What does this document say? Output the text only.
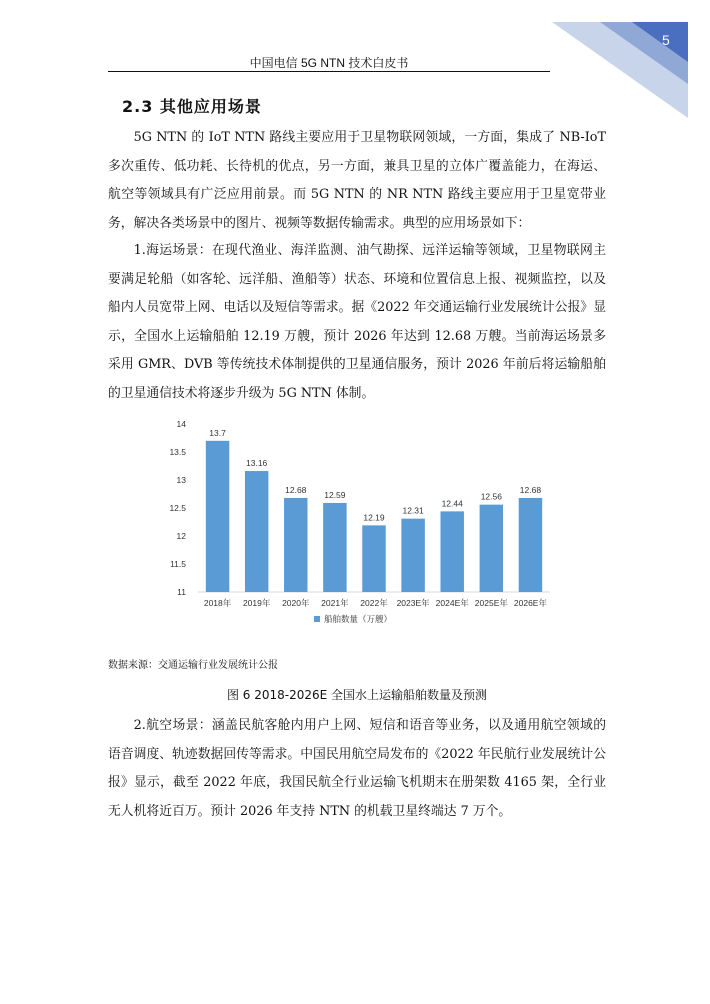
5
中国电信 5G NTN 技术白皮书
2.3 其他应用场景

5G NTN 的 IoT NTN 路线主要应用于卫星物联网领域，一方面，集成了 NB-IoT 多次重传、低功耗、长待机的优点，另一方面，兼具卫星的立体广覆盖能力，在海运、航空等领域具有广泛应用前景。而 5G NTN 的 NR NTN 路线主要应用于卫星宽带业务，解决各类场景中的图片、视频等数据传输需求。典型的应用场景如下：

1.海运场景：在现代渔业、海洋监测、油气勘探、远洋运输等领域，卫星物联网主要满足轮船（如客轮、远洋船、渔船等）状态、环境和位置信息上报、视频监控，以及船内人员宽带上网、电话以及短信等需求。据《2022 年交通运输行业发展统计公报》显示，全国水上运输船舶 12.19 万艘，预计 2026 年达到 12.68 万艘。当前海运场景多采用 GMR、DVB 等传统技术体制提供的卫星通信服务，预计 2026 年前后将运输船舶的卫星通信技术将逐步升级为 5G NTN 体制。

14
13.5
13
12.5
12
11.5
11
13.7
2018年
13.16
2019年
12.68
2020年
12.59
2021年
12.19
2022年
12.31
2023E年
12.44
2024E年
12.56
2025E年
12.68
2026E年
船舶数量（万艘）
数据来源：交通运输行业发展统计公报
图 6 2018-2026E 全国水上运输船舶数量及预测

2.航空场景：涵盖民航客舱内用户上网、短信和语音等业务，以及通用航空领域的语音调度、轨迹数据回传等需求。中国民用航空局发布的《2022 年民航行业发展统计公报》显示，截至 2022 年底，我国民航全行业运输飞机期末在册架数 4165 架，全行业无人机将近百万。预计 2026 年支持 NTN 的机载卫星终端达 7 万个。
